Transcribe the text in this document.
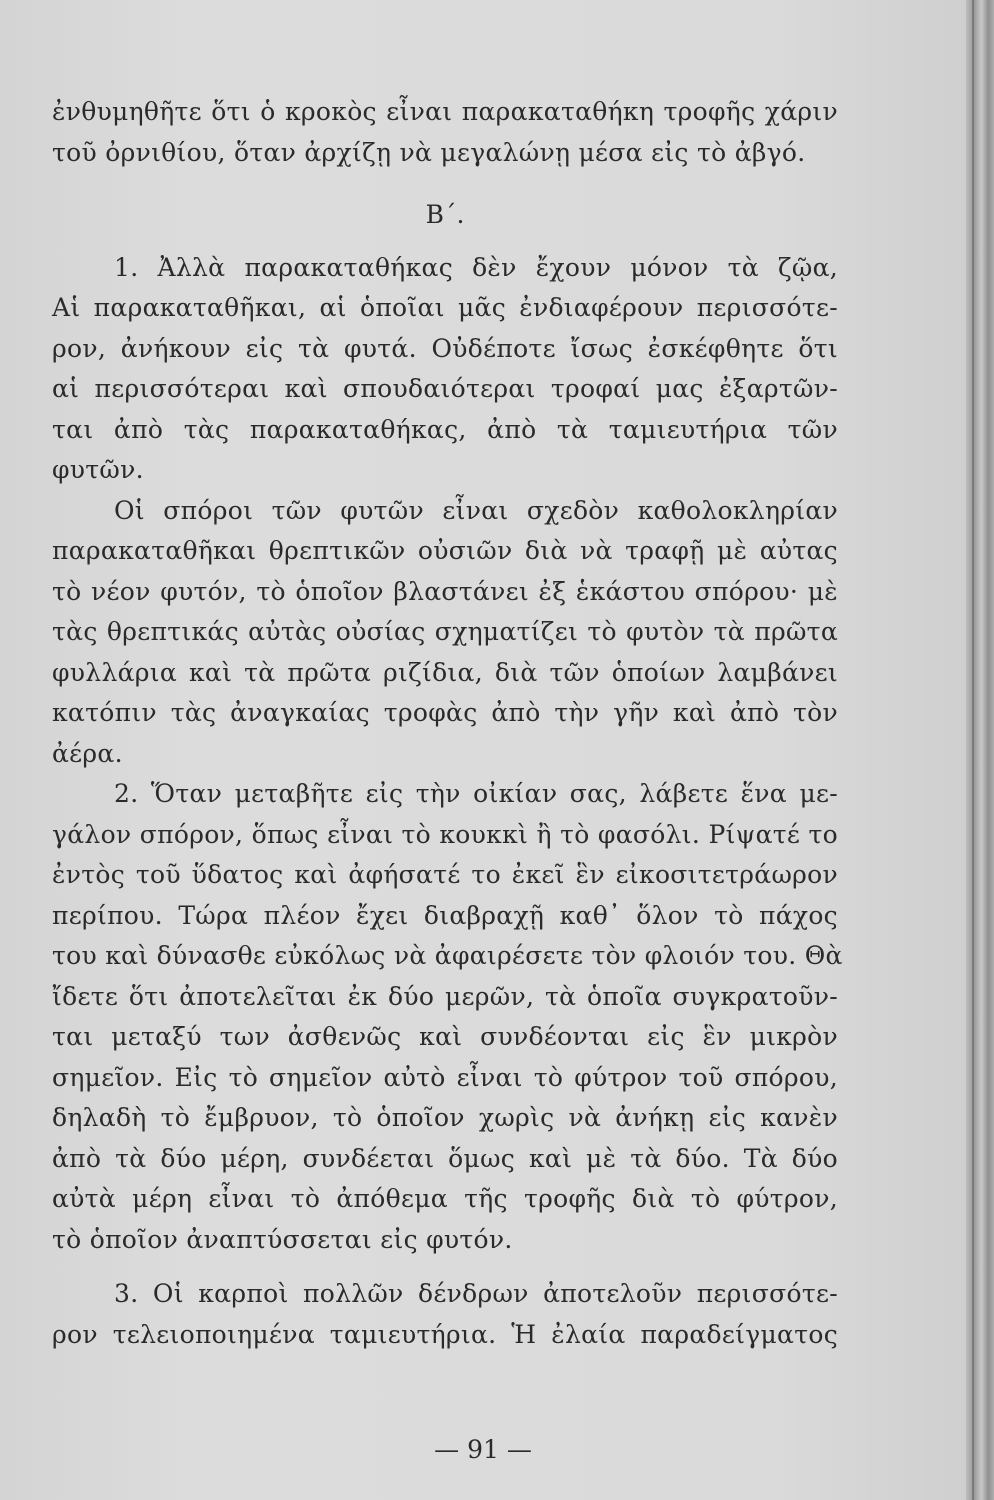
ἐνθυμηθῆτε ὅτι ὁ κροκὸς εἶναι παρακαταθήκη τροφῆς χάριν
τοῦ ὀρνιθίου, ὅταν ἀρχίζῃ νὰ μεγαλώνῃ μέσα εἰς τὸ ἀβγό.
Β΄.
1. Ἀλλὰ παρακαταθήκας δὲν ἔχουν μόνον τὰ ζῷα,
Αἱ παρακαταθῆκαι, αἱ ὁποῖαι μᾶς ἐνδιαφέρουν περισσότε-
ρον, ἀνήκουν εἰς τὰ φυτά. Οὐδέποτε ἴσως ἐσκέφθητε ὅτι
αἱ περισσότεραι καὶ σπουδαιότεραι τροφαί μας ἐξαρτῶν-
ται ἀπὸ τὰς παρακαταθήκας, ἀπὸ τὰ ταμιευτήρια τῶν
φυτῶν.
Οἱ σπόροι τῶν φυτῶν εἶναι σχεδὸν καθολοκληρίαν
παρακαταθῆκαι θρεπτικῶν οὐσιῶν διὰ νὰ τραφῇ μὲ αὐτας
τὸ νέον φυτόν, τὸ ὁποῖον βλαστάνει ἐξ ἑκάστου σπόρου· μὲ
τὰς θρεπτικάς αὐτὰς οὐσίας σχηματίζει τὸ φυτὸν τὰ πρῶτα
φυλλάρια καὶ τὰ πρῶτα ριζίδια, διὰ τῶν ὁποίων λαμβάνει
κατόπιν τὰς ἀναγκαίας τροφὰς ἀπὸ τὴν γῆν καὶ ἀπὸ τὸν
ἀέρα.
2. Ὅταν μεταβῆτε εἰς τὴν οἰκίαν σας, λάβετε ἕνα με-
γάλον σπόρον, ὅπως εἶναι τὸ κουκκὶ ἢ τὸ φασόλι. Ρίψατέ το
ἐντὸς τοῦ ὕδατος καὶ ἀφήσατέ το ἐκεῖ ἓν εἰκοσιτετράωρον
περίπου. Τώρα πλέον ἔχει διαβραχῇ καθ᾽ ὅλον τὸ πάχος
του καὶ δύνασθε εὐκόλως νὰ ἀφαιρέσετε τὸν φλοιόν του. Θὰ
ἴδετε ὅτι ἀποτελεῖται ἐκ δύο μερῶν, τὰ ὁποῖα συγκρατοῦν-
ται μεταξύ των ἀσθενῶς καὶ συνδέονται εἰς ἓν μικρὸν
σημεῖον. Εἰς τὸ σημεῖον αὐτὸ εἶναι τὸ φύτρον τοῦ σπόρου,
δηλαδὴ τὸ ἔμβρυον, τὸ ὁποῖον χωρὶς νὰ ἀνήκῃ εἰς κανὲν
ἀπὸ τὰ δύο μέρη, συνδέεται ὅμως καὶ μὲ τὰ δύο. Τὰ δύο
αὐτὰ μέρη εἶναι τὸ ἀπόθεμα τῆς τροφῆς διὰ τὸ φύτρον,
τὸ ὁποῖον ἀναπτύσσεται εἰς φυτόν.
3. Οἱ καρποὶ πολλῶν δένδρων ἀποτελοῦν περισσότε-
ρον τελειοποιημένα ταμιευτήρια. Ἡ ἐλαία παραδείγματος
— 91 —
